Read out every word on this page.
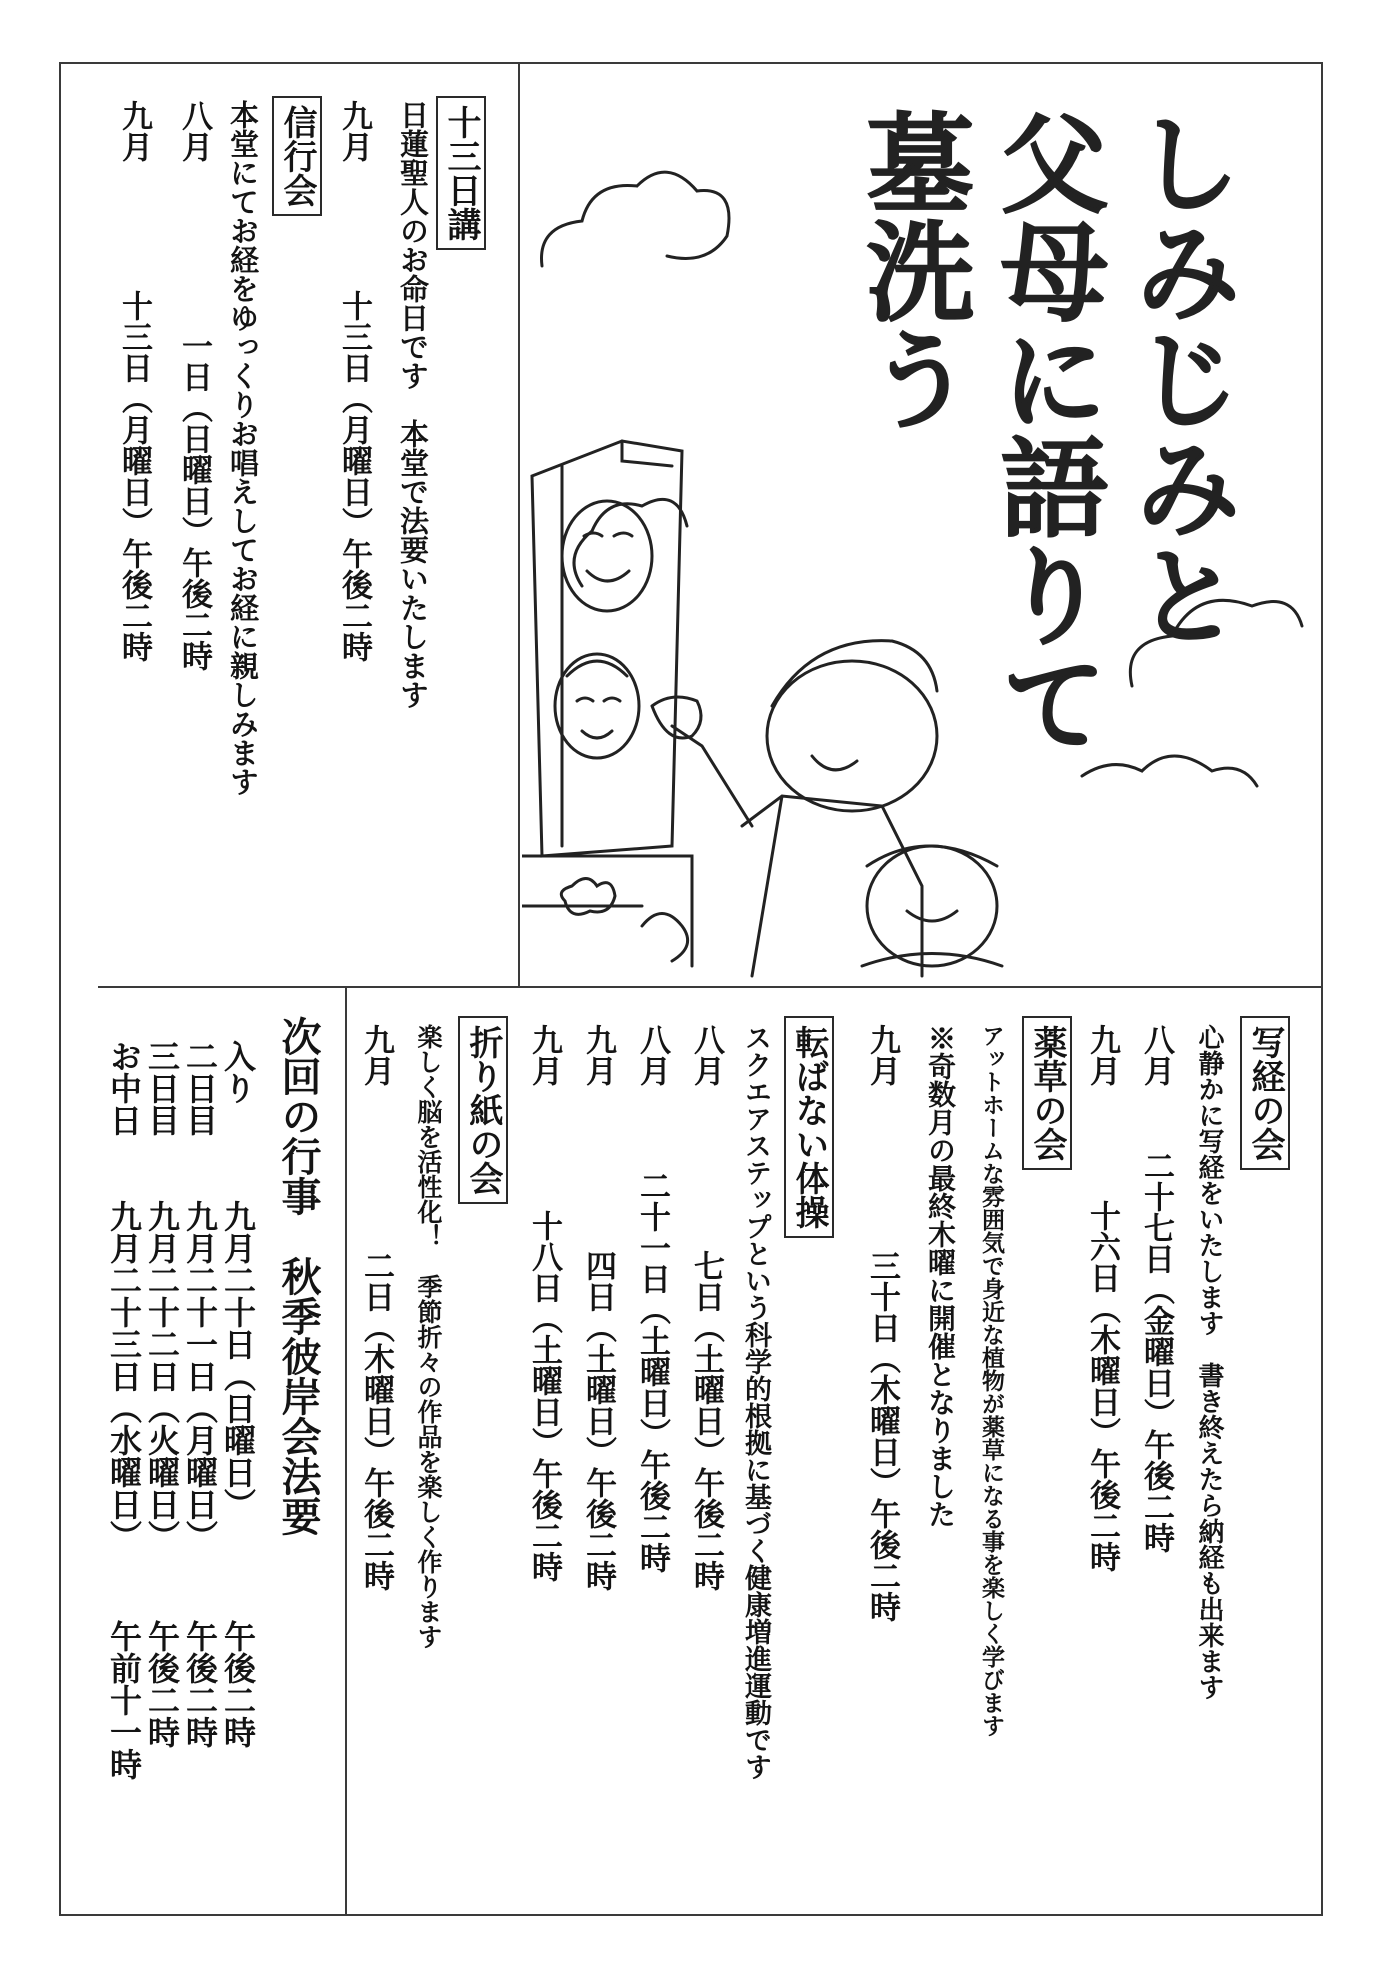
しみじみと
父母に語りて
墓洗う
十三日講
日蓮聖人のお命日です　本堂で法要いたします
九月
十三日（月曜日）午後二時
信行会
本堂にてお経をゆっくりお唱えしてお経に親しみます
八月
一日（日曜日）午後二時
九月
十三日（月曜日）午後二時
写経の会
心静かに写経をいたします　書き終えたら納経も出来ます
八月
二十七日（金曜日）午後二時
九月
十六日（木曜日）午後二時
薬草の会
アットホームな雰囲気で身近な植物が薬草になる事を楽しく学びます
※奇数月の最終木曜に開催となりました
九月
三十日（木曜日）午後二時
転ばない体操
スクエアステップという科学的根拠に基づく健康増進運動です
八月
七日（土曜日）午後二時
八月
二十一日（土曜日）午後二時
九月
四日（土曜日）午後二時
九月
十八日（土曜日）午後二時
折り紙の会
楽しく脳を活性化！　季節折々の作品を楽しく作ります
九月
二日（木曜日）午後二時
次回の行事　秋季彼岸会法要
入り
九月二十日（日曜日）
午後二時
二日目
九月二十一日（月曜日）
午後二時
三日目
九月二十二日（火曜日）
午後二時
お中日
九月二十三日（水曜日）
午前十一時
